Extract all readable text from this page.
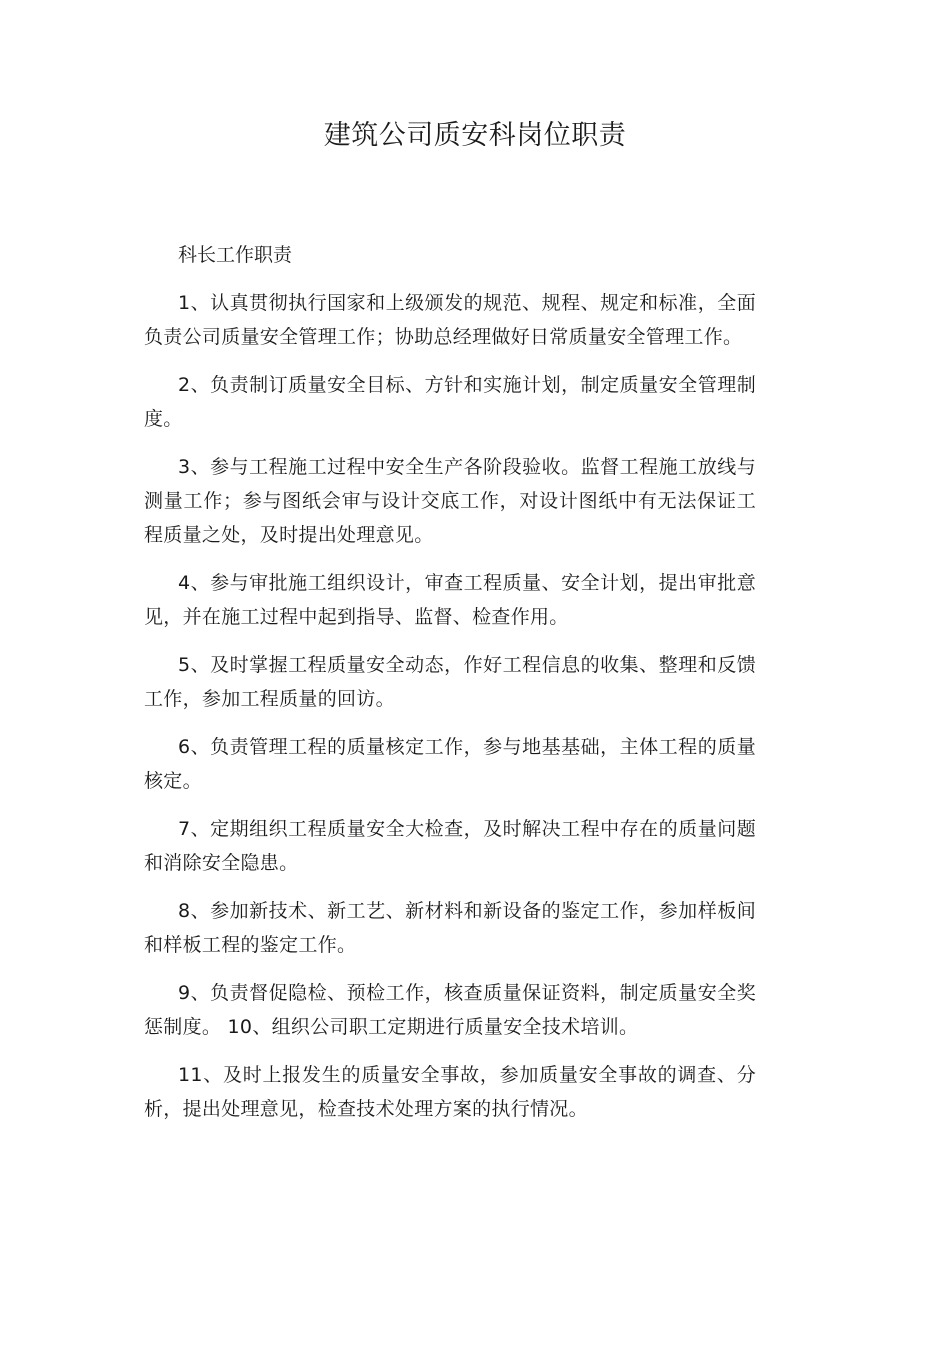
建筑公司质安科岗位职责

科长工作职责

1、认真贯彻执行国家和上级颁发的规范、规程、规定和标准，全面负责公司质量安全管理工作；协助总经理做好日常质量安全管理工作。

2、负责制订质量安全目标、方针和实施计划，制定质量安全管理制度。

3、参与工程施工过程中安全生产各阶段验收。监督工程施工放线与测量工作；参与图纸会审与设计交底工作，对设计图纸中有无法保证工程质量之处，及时提出处理意见。

4、参与审批施工组织设计，审查工程质量、安全计划，提出审批意见，并在施工过程中起到指导、监督、检查作用。

5、及时掌握工程质量安全动态，作好工程信息的收集、整理和反馈工作，参加工程质量的回访。

6、负责管理工程的质量核定工作，参与地基基础，主体工程的质量核定。

7、定期组织工程质量安全大检查，及时解决工程中存在的质量问题和消除安全隐患。

8、参加新技术、新工艺、新材料和新设备的鉴定工作，参加样板间和样板工程的鉴定工作。

9、负责督促隐检、预检工作，核查质量保证资料，制定质量安全奖惩制度。 10、组织公司职工定期进行质量安全技术培训。

11、及时上报发生的质量安全事故，参加质量安全事故的调查、分析，提出处理意见，检查技术处理方案的执行情况。
